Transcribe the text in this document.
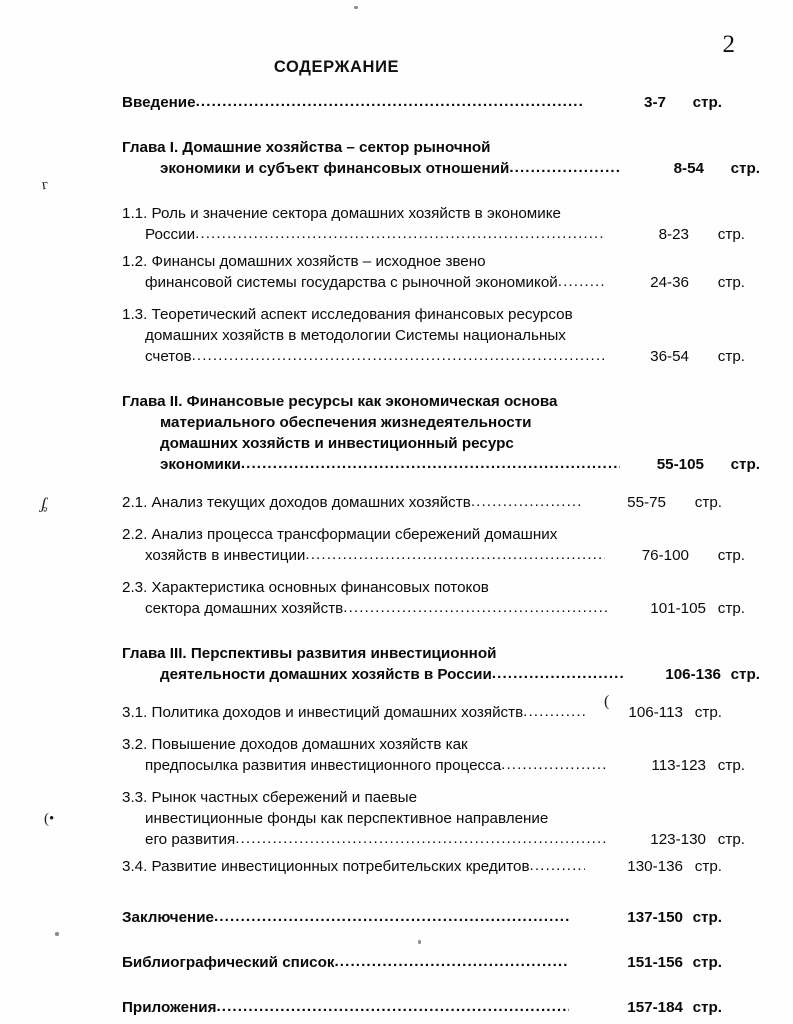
2
СОДЕРЖАНИЕ
ᴦ
ᶋ
(•
(
Введение .....	3-7	стр.
Глава I. Домашние хозяйства – сектор рыночной
экономики и субъект финансовых отношений .....	8-54	стр.
1.1. Роль и значение сектора домашних хозяйств в экономике
России .....	8-23	стр.
1.2. Финансы домашних хозяйств – исходное звено
финансовой системы государства с рыночной экономикой .....	24-36	стр.
1.3. Теоретический аспект исследования финансовых ресурсов
домашних хозяйств в методологии Системы национальных
счетов .....	36-54	стр.
Глава II. Финансовые ресурсы как экономическая основа
материального обеспечения жизнедеятельности
домашних хозяйств и инвестиционный ресурс
экономики .....	55-105	стр.
2.1. Анализ текущих доходов домашних хозяйств .....	55-75	стр.
2.2. Анализ процесса трансформации сбережений домашних
хозяйств в инвестиции .....	76-100	стр.
2.3. Характеристика основных финансовых потоков
сектора домашних хозяйств .....	101-105 стр.
Глава III. Перспективы развития инвестиционной
деятельности домашних хозяйств в России .....	106-136 стр.
3.1. Политика доходов и инвестиций домашних хозяйств .....	106-113 стр.
3.2. Повышение доходов домашних хозяйств как
предпосылка развития инвестиционного процесса .....	113-123 стр.
3.3. Рынок частных сбережений и паевые
инвестиционные фонды как перспективное направление
его развития .....	123-130 стр.
3.4. Развитие инвестиционных потребительских кредитов .....	130-136 стр.
Заключение .....	137-150 стр.
Библиографический список .....	151-156 стр.
Приложения .....	157-184 стр.
